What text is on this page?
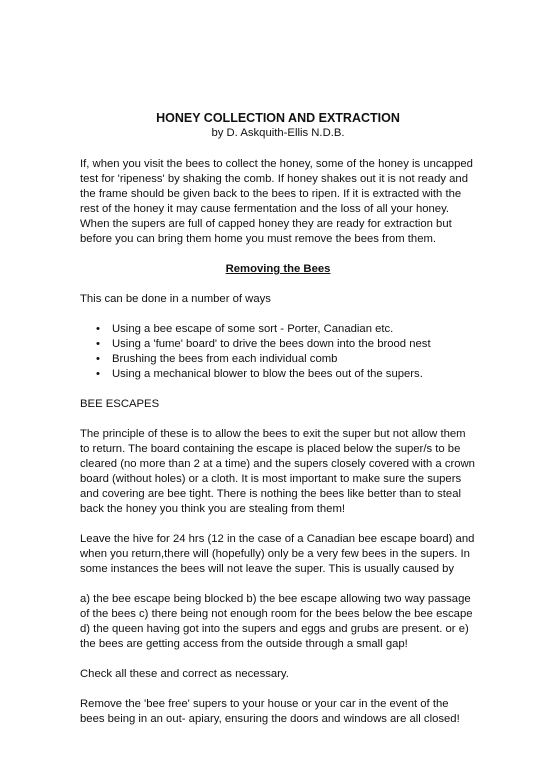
HONEY COLLECTION AND EXTRACTION
by D. Askquith-Ellis N.D.B.

If, when you visit the bees to collect the honey, some of the honey is uncapped test for 'ripeness' by shaking the comb. If honey shakes out it is not ready and the frame should be given back to the bees to ripen. If it is extracted with the rest of the honey it may cause fermentation and the loss of all your honey. When the supers are full of capped honey they are ready for extraction but before you can bring them home you must remove the bees from them.

Removing the Bees

This can be done in a number of ways

• Using a bee escape of some sort - Porter, Canadian etc.
• Using a 'fume' board' to drive the bees down into the brood nest
• Brushing the bees from each individual comb
• Using a mechanical blower to blow the bees out of the supers.

BEE ESCAPES

The principle of these is to allow the bees to exit the super but not allow them to return. The board containing the escape is placed below the super/s to be cleared (no more than 2 at a time) and the supers closely covered with a crown board (without holes) or a cloth. It is most important to make sure the supers and covering are bee tight. There is nothing the bees like better than to steal back the honey you think you are stealing from them!

Leave the hive for 24 hrs (12 in the case of a Canadian bee escape board) and when you return,there will (hopefully) only be a very few bees in the supers. In some instances the bees will not leave the super. This is usually caused by

a) the bee escape being blocked b) the bee escape allowing two way passage of the bees c) there being not enough room for the bees below the bee escape d) the queen having got into the supers and eggs and grubs are present. or e) the bees are getting access from the outside through a small gap!

Check all these and correct as necessary.

Remove the 'bee free' supers to your house or your car in the event of the bees being in an out- apiary, ensuring the doors and windows are all closed!
